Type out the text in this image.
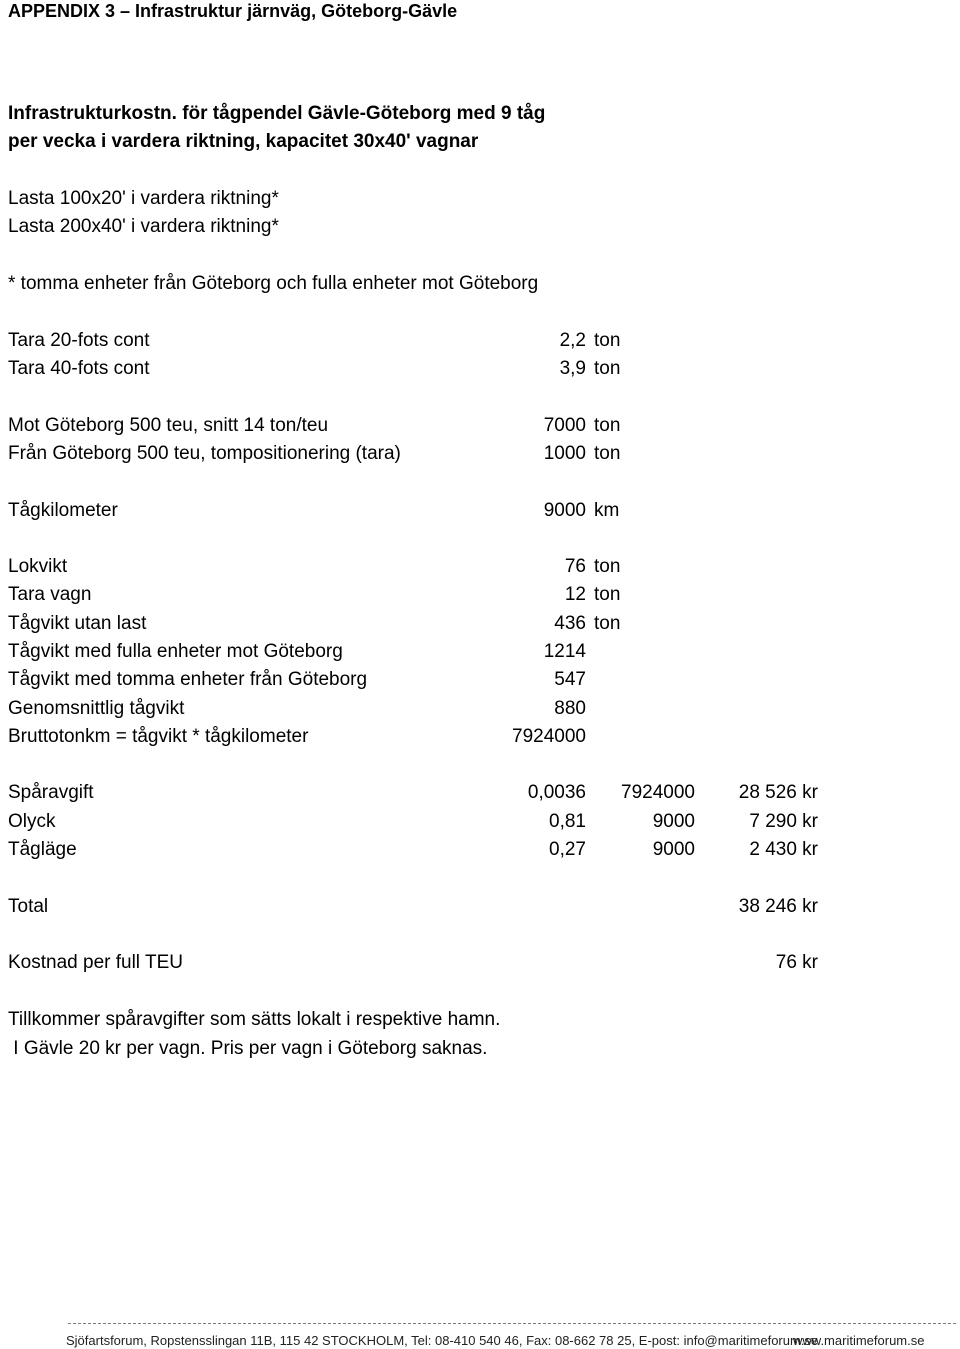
APPENDIX 3 – Infrastruktur järnväg, Göteborg-Gävle
Infrastrukturkostn. för tågpendel Gävle-Göteborg med 9 tåg
per vecka i vardera riktning, kapacitet 30x40' vagnar
Lasta 100x20' i vardera riktning*
Lasta 200x40' i vardera riktning*
* tomma enheter från Göteborg och fulla enheter mot Göteborg
Tara 20-fots cont	2,2 ton
Tara 40-fots cont	3,9 ton
Mot Göteborg 500 teu, snitt 14 ton/teu	7000 ton
Från Göteborg 500 teu, tompositionering (tara)	1000 ton
Tågkilometer	9000 km
Lokvikt	76 ton
Tara vagn	12 ton
Tågvikt utan last	436 ton
Tågvikt med fulla enheter mot Göteborg	1214
Tågvikt med tomma enheter från Göteborg	547
Genomsnittlig tågvikt	880
Bruttotonkm = tågvikt * tågkilometer	7924000
Spåravgift	0,0036	7924000	28 526 kr
Olyck	0,81	9000	7 290 kr
Tågläge	0,27	9000	2 430 kr
Total	38 246 kr
Kostnad per full TEU	76 kr
Tillkommer spåravgifter som sätts lokalt i respektive hamn.
I Gävle 20 kr per vagn. Pris per vagn i Göteborg saknas.
Sjöfartsforum, Ropstensslingan 11B, 115 42 STOCKHOLM, Tel: 08-410 540 46, Fax: 08-662 78 25, E-post: info@maritimeforum.se
www.maritimeforum.se
